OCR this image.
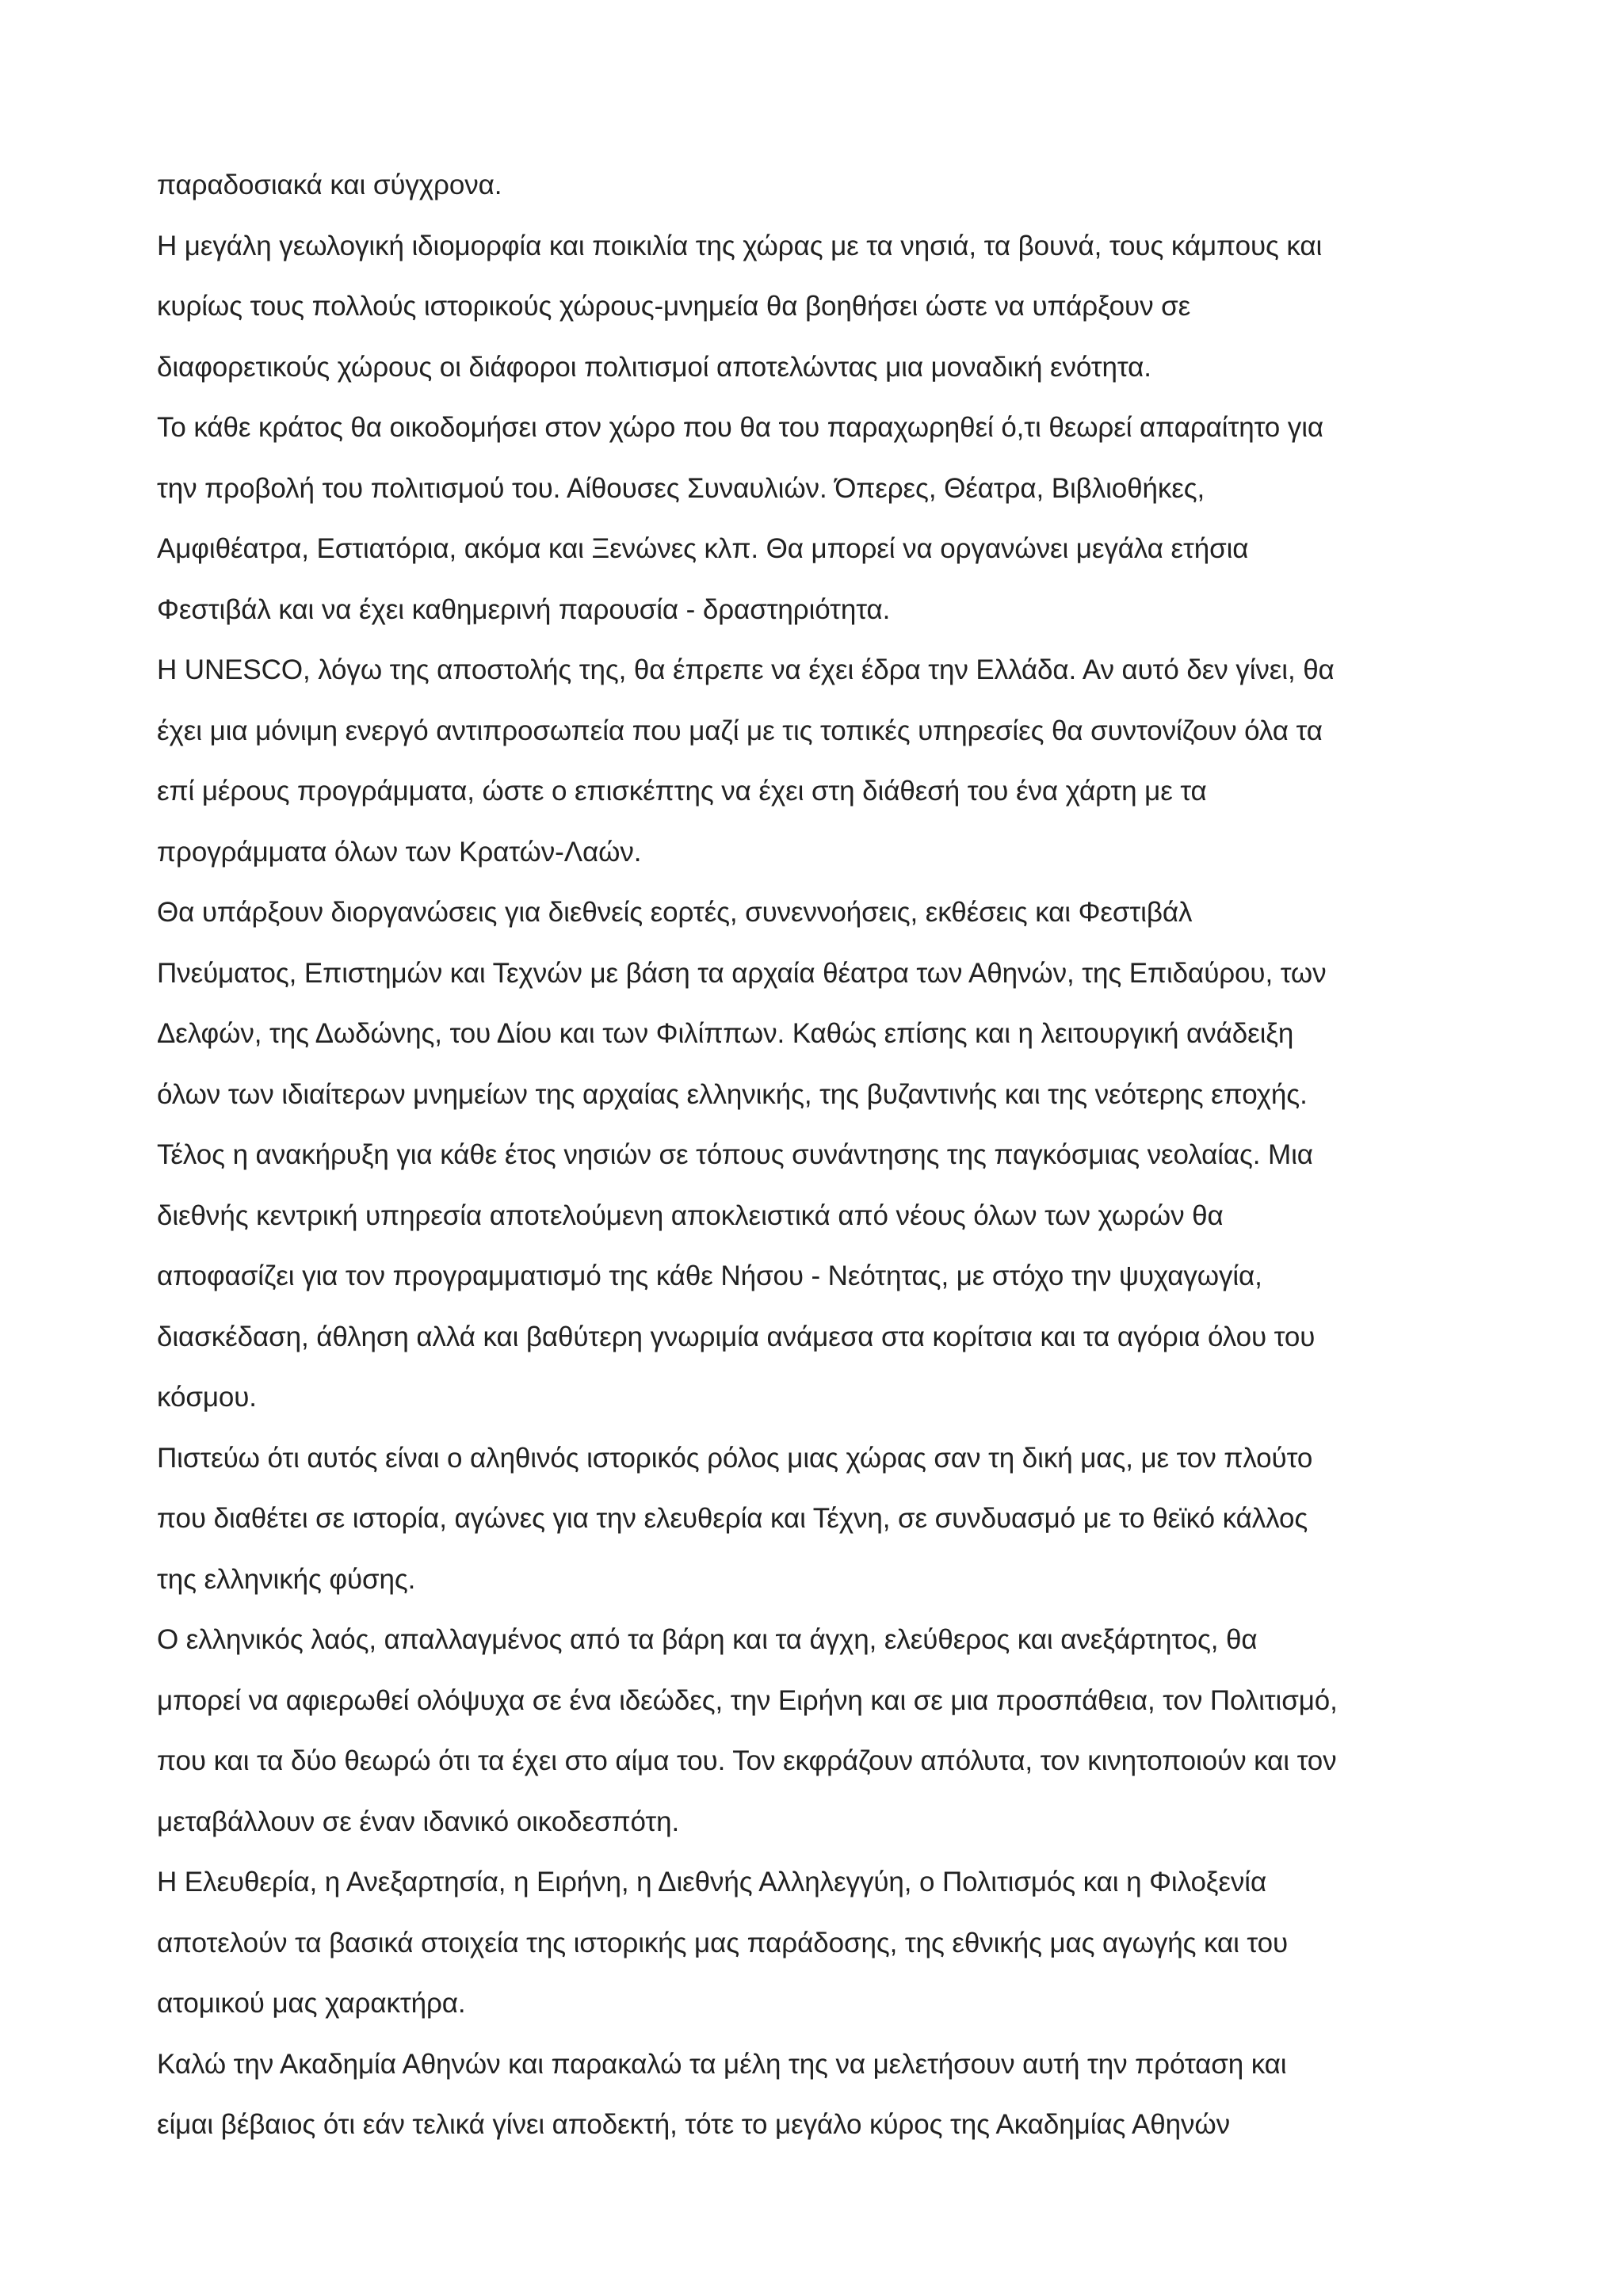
παραδοσιακά και σύγχρονα.
Η μεγάλη γεωλογική ιδιομορφία και ποικιλία της χώρας με τα νησιά, τα βουνά, τους κάμπους και
κυρίως τους πολλούς ιστορικούς χώρους-μνημεία θα βοηθήσει ώστε να υπάρξουν σε
διαφορετικούς χώρους οι διάφοροι πολιτισμοί αποτελώντας μια μοναδική ενότητα.
Το κάθε κράτος θα οικοδομήσει στον χώρο που θα του παραχωρηθεί ό,τι θεωρεί απαραίτητο για
την προβολή του πολιτισμού του. Αίθουσες Συναυλιών. Όπερες, Θέατρα, Βιβλιοθήκες,
Αμφιθέατρα, Εστιατόρια, ακόμα και Ξενώνες κλπ. Θα μπορεί να οργανώνει μεγάλα ετήσια
Φεστιβάλ και να έχει καθημερινή παρουσία - δραστηριότητα.
Η UNESCO, λόγω της αποστολής της, θα έπρεπε να έχει έδρα την Ελλάδα. Αν αυτό δεν γίνει, θα
έχει μια μόνιμη ενεργό αντιπροσωπεία που μαζί με τις τοπικές υπηρεσίες θα συντονίζουν όλα τα
επί μέρους προγράμματα, ώστε ο επισκέπτης να έχει στη διάθεσή του ένα χάρτη με τα
προγράμματα όλων των Κρατών-Λαών.
Θα υπάρξουν διοργανώσεις για διεθνείς εορτές, συνεννοήσεις, εκθέσεις και Φεστιβάλ
Πνεύματος, Επιστημών και Τεχνών με βάση τα αρχαία θέατρα των Αθηνών, της Επιδαύρου, των
Δελφών, της Δωδώνης, του Δίου και των Φιλίππων. Καθώς επίσης και η λειτουργική ανάδειξη
όλων των ιδιαίτερων μνημείων της αρχαίας ελληνικής, της βυζαντινής και της νεότερης εποχής.
Τέλος η ανακήρυξη για κάθε έτος νησιών σε τόπους συνάντησης της παγκόσμιας νεολαίας. Μια
διεθνής κεντρική υπηρεσία αποτελούμενη αποκλειστικά από νέους όλων των χωρών θα
αποφασίζει για τον προγραμματισμό της κάθε Νήσου - Νεότητας, με στόχο την ψυχαγωγία,
διασκέδαση, άθληση αλλά και βαθύτερη γνωριμία ανάμεσα στα κορίτσια και τα αγόρια όλου του
κόσμου.
Πιστεύω ότι αυτός είναι ο αληθινός ιστορικός ρόλος μιας χώρας σαν τη δική μας, με τον πλούτο
που διαθέτει σε ιστορία, αγώνες για την ελευθερία και Τέχνη, σε συνδυασμό με το θεϊκό κάλλος
της ελληνικής φύσης.
Ο ελληνικός λαός, απαλλαγμένος από τα βάρη και τα άγχη, ελεύθερος και ανεξάρτητος, θα
μπορεί να αφιερωθεί ολόψυχα σε ένα ιδεώδες, την Ειρήνη και σε μια προσπάθεια, τον Πολιτισμό,
που και τα δύο θεωρώ ότι τα έχει στο αίμα του. Τον εκφράζουν απόλυτα, τον κινητοποιούν και τον
μεταβάλλουν σε έναν ιδανικό οικοδεσπότη.
Η Ελευθερία, η Ανεξαρτησία, η Ειρήνη, η Διεθνής Αλληλεγγύη, ο Πολιτισμός και η Φιλοξενία
αποτελούν τα βασικά στοιχεία της ιστορικής μας παράδοσης, της εθνικής μας αγωγής και του
ατομικού μας χαρακτήρα.
Καλώ την Ακαδημία Αθηνών και παρακαλώ τα μέλη της να μελετήσουν αυτή την πρόταση και
είμαι βέβαιος ότι εάν τελικά γίνει αποδεκτή, τότε το μεγάλο κύρος της Ακαδημίας Αθηνών
